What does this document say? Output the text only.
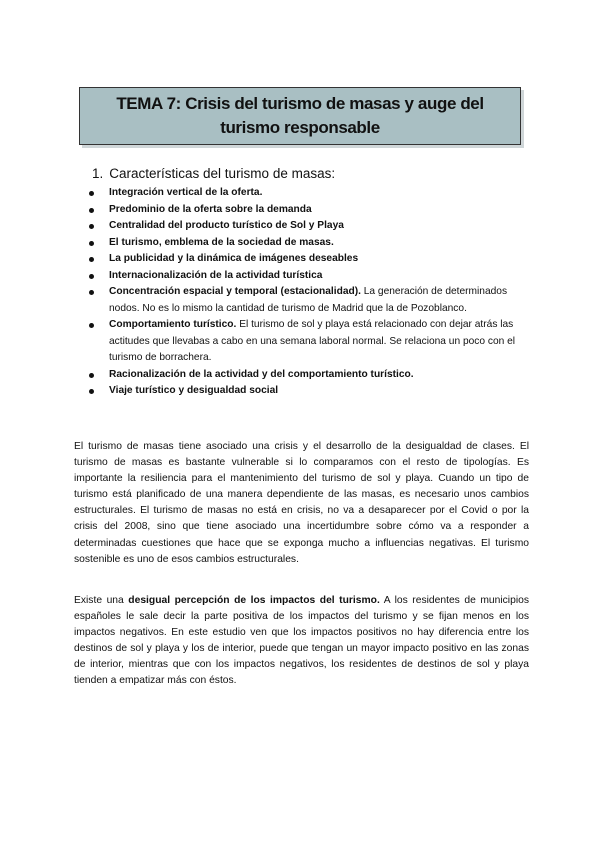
TEMA 7: Crisis del turismo de masas y auge del turismo responsable
1. Características del turismo de masas:
Integración vertical de la oferta.
Predominio de la oferta sobre la demanda
Centralidad del producto turístico de Sol y Playa
El turismo, emblema de la sociedad de masas.
La publicidad y la dinámica de imágenes deseables
Internacionalización de la actividad turística
Concentración espacial y temporal (estacionalidad). La generación de determinados nodos. No es lo mismo la cantidad de turismo de Madrid que la de Pozoblanco.
Comportamiento turístico. El turismo de sol y playa está relacionado con dejar atrás las actitudes que llevabas a cabo en una semana laboral normal. Se relaciona un poco con el turismo de borrachera.
Racionalización de la actividad y del comportamiento turístico.
Viaje turístico y desigualdad social

El turismo de masas tiene asociado una crisis y el desarrollo de la desigualdad de clases. El turismo de masas es bastante vulnerable si lo comparamos con el resto de tipologías. Es importante la resiliencia para el mantenimiento del turismo de sol y playa. Cuando un tipo de turismo está planificado de una manera dependiente de las masas, es necesario unos cambios estructurales. El turismo de masas no está en crisis, no va a desaparecer por el Covid o por la crisis del 2008, sino que tiene asociado una incertidumbre sobre cómo va a responder a determinadas cuestiones que hace que se exponga mucho a influencias negativas. El turismo sostenible es uno de esos cambios estructurales.

Existe una desigual percepción de los impactos del turismo. A los residentes de municipios españoles le sale decir la parte positiva de los impactos del turismo y se fijan menos en los impactos negativos. En este estudio ven que los impactos positivos no hay diferencia entre los destinos de sol y playa y los de interior, puede que tengan un mayor impacto positivo en las zonas de interior, mientras que con los impactos negativos, los residentes de destinos de sol y playa tienden a empatizar más con éstos.
